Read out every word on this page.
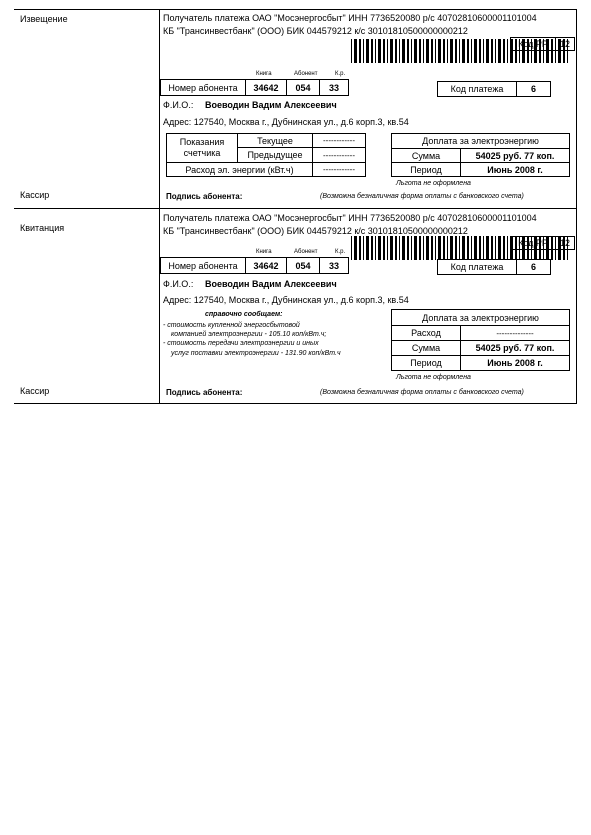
Извещение
Кассир
Получатель платежа ОАО "Мосэнергосбыт" ИНН 7736520080 р/с 40702810600001101004
КБ "Трансинвестбанк" (ООО) БИК 044579212 к/с 30101810500000000212
Код РР	12
Книга	Абонент	К.р.
Номер абонента	34642	054	33	Код платежа	6
Ф.И.О.: Воеводин Вадим Алексеевич
Адрес: 127540, Москва г., Дубнинская ул., д.6 корп.3, кв.54
Показания
счетчика
Текущее	------------
Предыдущее	------------
Расход эл. энергии (кВт.ч)	------------
Доплата за электроэнергию
Сумма	54025 руб. 77 коп.
Период	Июнь 2008 г.
Льгота не оформлена
Подпись абонента:	(Возможна безналичная форма оплаты с банковского счета)
Квитанция
Кассир
Получатель платежа ОАО "Мосэнергосбыт" ИНН 7736520080 р/с 40702810600001101004
КБ "Трансинвестбанк" (ООО) БИК 044579212 к/с 30101810500000000212
Код РР	12
Книга	Абонент	К.р.
Номер абонента	34642	054	33	Код платежа	6
Ф.И.О.: Воеводин Вадим Алексеевич
Адрес: 127540, Москва г., Дубнинская ул., д.6 корп.3, кв.54
справочно сообщаем:
- стоимость купленной энергосбытовой
компанией электроэнергии - 105.10 коп/кВт.ч;
- стоимость передачи электроэнергии и иных
услуг поставки электроэнергии - 131.90 коп/кВт.ч
Доплата за электроэнергию
Расход	--------------
Сумма	54025 руб. 77 коп.
Период	Июнь 2008 г.
Льгота не оформлена
Подпись абонента:	(Возможна безналичная форма оплаты с банковского счета)
